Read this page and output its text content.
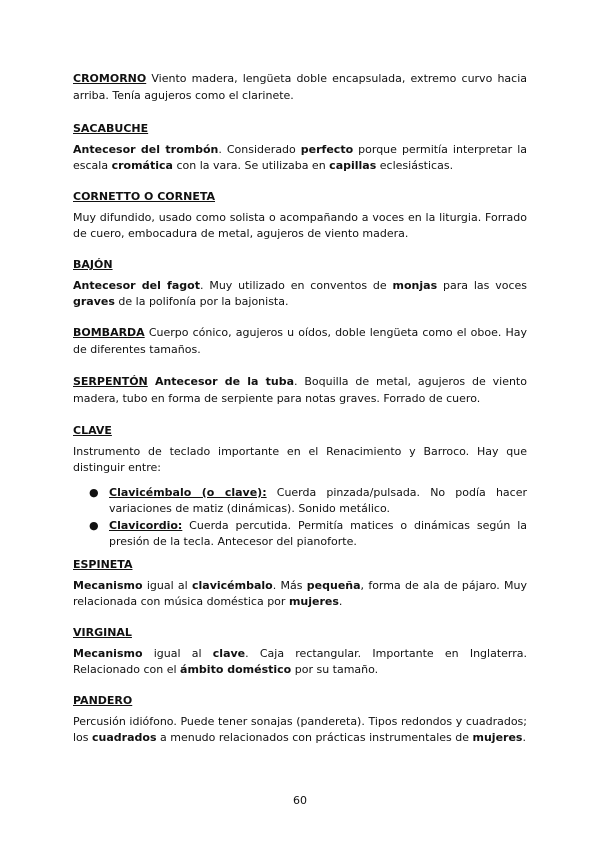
CROMORNO Viento madera, lengüeta doble encapsulada, extremo curvo hacia arriba. Tenía agujeros como el clarinete.

SACABUCHE

Antecesor del trombón. Considerado perfecto porque permitía interpretar la escala cromática con la vara. Se utilizaba en capillas eclesiásticas.

CORNETTO O CORNETA

Muy difundido, usado como solista o acompañando a voces en la liturgia. Forrado de cuero, embocadura de metal, agujeros de viento madera.

BAJÓN

Antecesor del fagot. Muy utilizado en conventos de monjas para las voces graves de la polifonía por la bajonista.

BOMBARDA Cuerpo cónico, agujeros u oídos, doble lengüeta como el oboe. Hay de diferentes tamaños.

SERPENTÓN Antecesor de la tuba. Boquilla de metal, agujeros de viento madera, tubo en forma de serpiente para notas graves. Forrado de cuero.

CLAVE

Instrumento de teclado importante en el Renacimiento y Barroco. Hay que distinguir entre:

● Clavicémbalo (o clave): Cuerda pinzada/pulsada. No podía hacer variaciones de matiz (dinámicas). Sonido metálico.

● Clavicordio: Cuerda percutida. Permitía matices o dinámicas según la presión de la tecla. Antecesor del pianoforte.

ESPINETA

Mecanismo igual al clavicémbalo. Más pequeña, forma de ala de pájaro. Muy relacionada con música doméstica por mujeres.

VIRGINAL

Mecanismo igual al clave. Caja rectangular. Importante en Inglaterra. Relacionado con el ámbito doméstico por su tamaño.

PANDERO

Percusión idiófono. Puede tener sonajas (pandereta). Tipos redondos y cuadrados; los cuadrados a menudo relacionados con prácticas instrumentales de mujeres.

60
